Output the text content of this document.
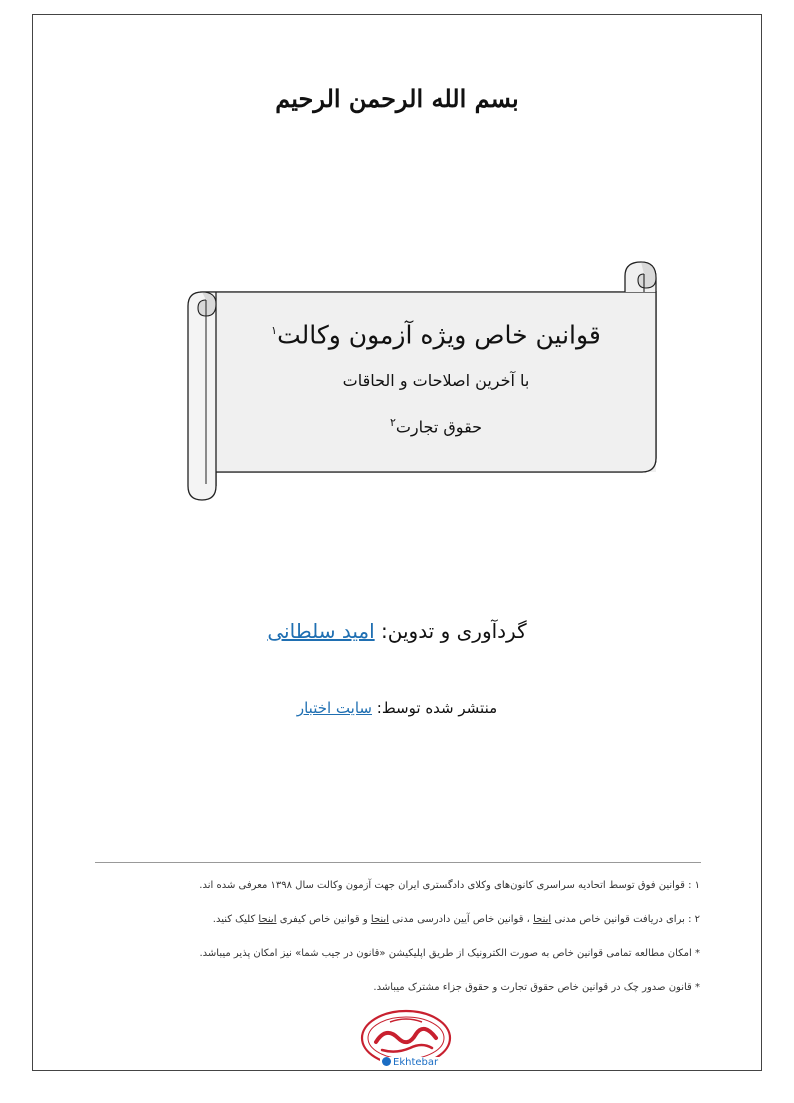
بسم الله الرحمن الرحیم
قوانین خاص ویژه آزمون وکالت$^۱$
با آخرین اصلاحات و الحاقات
حقوق تجارت$^۲$
گردآوری و تدوین: امید سلطانی
منتشر شده توسط: سایت اختبار
۱ : قوانین فوق توسط اتحادیه سراسری کانون‌های وکلای دادگستری ایران جهت آزمون وکالت سال ۱۳۹۸ معرفی شده اند.
۲ : برای دریافت قوانین خاص مدنی اینجا ، قوانین خاص آیین دادرسی مدنی اینجا و قوانین خاص کیفری اینجا کلیک کنید.
* امکان مطالعه تمامی قوانین خاص به صورت الکترونیک از طریق اپلیکیشن «قانون در جیب شما» نیز امکان پذیر میباشد.
* قانون صدور چک در قوانین خاص حقوق تجارت و حقوق جزاء مشترک میباشد.
Ekhtebar
